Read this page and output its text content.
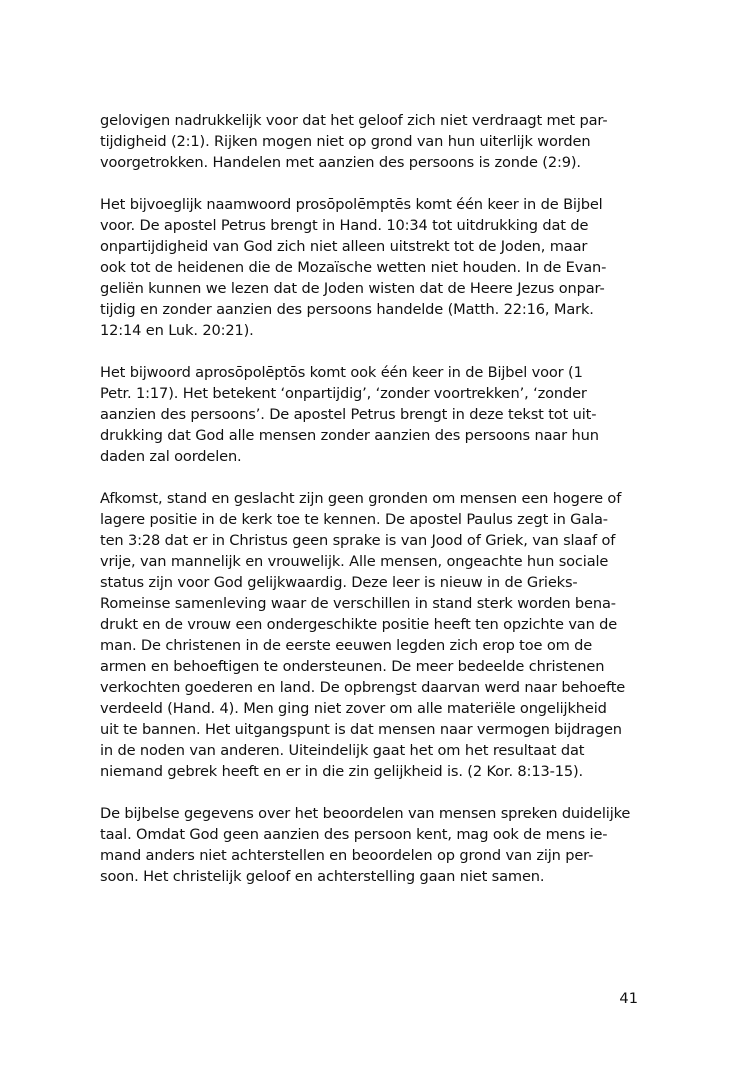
gelovigen nadrukkelijk voor dat het geloof zich niet verdraagt met par-
tijdigheid (2:1). Rijken mogen niet op grond van hun uiterlijk worden
voorgetrokken. Handelen met aanzien des persoons is zonde (2:9).
Het bijvoeglijk naamwoord prosōpolēmptēs komt één keer in de Bijbel
voor. De apostel Petrus brengt in Hand. 10:34 tot uitdrukking dat de
onpartijdigheid van God zich niet alleen uitstrekt tot de Joden, maar
ook tot de heidenen die de Mozaïsche wetten niet houden. In de Evan-
geliën kunnen we lezen dat de Joden wisten dat de Heere Jezus onpar-
tijdig en zonder aanzien des persoons handelde (Matth. 22:16, Mark.
12:14 en Luk. 20:21).
Het bijwoord aprosōpolēptōs komt ook één keer in de Bijbel voor (1
Petr. 1:17). Het betekent ‘onpartijdig’, ‘zonder voortrekken’, ‘zonder
aanzien des persoons’. De apostel Petrus brengt in deze tekst tot uit-
drukking dat God alle mensen zonder aanzien des persoons naar hun
daden zal oordelen.
Afkomst, stand en geslacht zijn geen gronden om mensen een hogere of
lagere positie in de kerk toe te kennen. De apostel Paulus zegt in Gala-
ten 3:28 dat er in Christus geen sprake is van Jood of Griek, van slaaf of
vrije, van mannelijk en vrouwelijk. Alle mensen, ongeachte hun sociale
status zijn voor God gelijkwaardig. Deze leer is nieuw in de Grieks-
Romeinse samenleving waar de verschillen in stand sterk worden bena-
drukt en de vrouw een ondergeschikte positie heeft ten opzichte van de
man. De christenen in de eerste eeuwen legden zich erop toe om de
armen en behoeftigen te ondersteunen. De meer bedeelde christenen
verkochten goederen en land. De opbrengst daarvan werd naar behoefte
verdeeld (Hand. 4). Men ging niet zover om alle materiële ongelijkheid
uit te bannen. Het uitgangspunt is dat mensen naar vermogen bijdragen
in de noden van anderen. Uiteindelijk gaat het om het resultaat dat
niemand gebrek heeft en er in die zin gelijkheid is. (2 Kor. 8:13-15).
De bijbelse gegevens over het beoordelen van mensen spreken duidelijke
taal. Omdat God geen aanzien des persoon kent, mag ook de mens ie-
mand anders niet achterstellen en beoordelen op grond van zijn per-
soon. Het christelijk geloof en achterstelling gaan niet samen.
41
